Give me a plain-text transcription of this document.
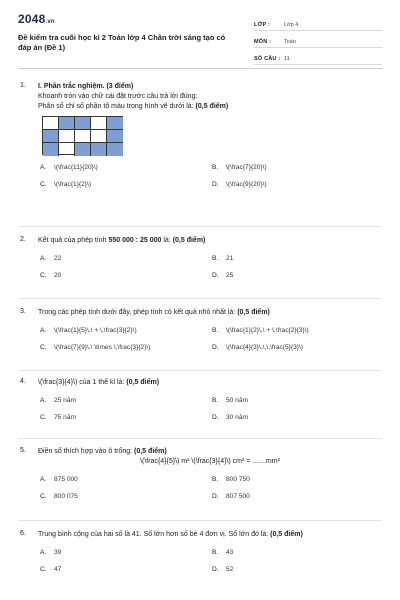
2048.vn
Đề kiểm tra cuối học kì 2 Toán lớp 4 Chân trời sáng tạo có đáp án (Đề 1)
LỚP :	Lớp 4
MÔN :	Toán
SỐ CÂU : 11
1.	I. Phần trắc nghiệm. (3 điểm)
Khoanh tròn vào chữ cái đặt trước câu trả lời đúng:
Phân số chỉ số phần tô màu trong hình vẽ dưới là: (0,5 điểm)
A.	\(\frac{11}{20}\)	B.	\(\frac{7}{20}\)
C.	\(\frac{1}{2}\)	D.	\(\frac{9}{20}\)
2.	Kết quả của phép tính 550 000 : 25 000 là: (0,5 điểm)
A.	22	B.	21
C.	20	D.	25
3.	Trong các phép tính dưới đây, phép tính có kết quả nhỏ nhất là: (0,5 điểm)
A.	\(\frac{1}{5}\,\ + \,\frac{3}{2}\)	B.	\(\frac{1}{2}\,\ + \,\frac{2}{3}\)
C.	\(\frac{7}{9}\,\ \times \,\frac{3}{2}\)	D.	\(\frac{4}{3}\,\,\,\frac{5}{3}\)
4.	\(\frac{3}{4}\) của 1 thế kỉ là: (0,5 điểm)
A.	25 năm	B.	50 năm
C.	75 năm	D.	30 năm
5.	Điền số thích hợp vào ô trống: (0,5 điểm)
\(\frac{4}{5}\) m² \(\frac{3}{4}\) cm² = .......mm²
A.	875 000	B.	800 750
C.	800 075	D.	807 500
6.	Trung bình cộng của hai số là 41. Số lớn hơn số bé 4 đơn vị. Số lớn đó là: (0,5 điểm)
A.	39	B.	43
C.	47	D.	52
